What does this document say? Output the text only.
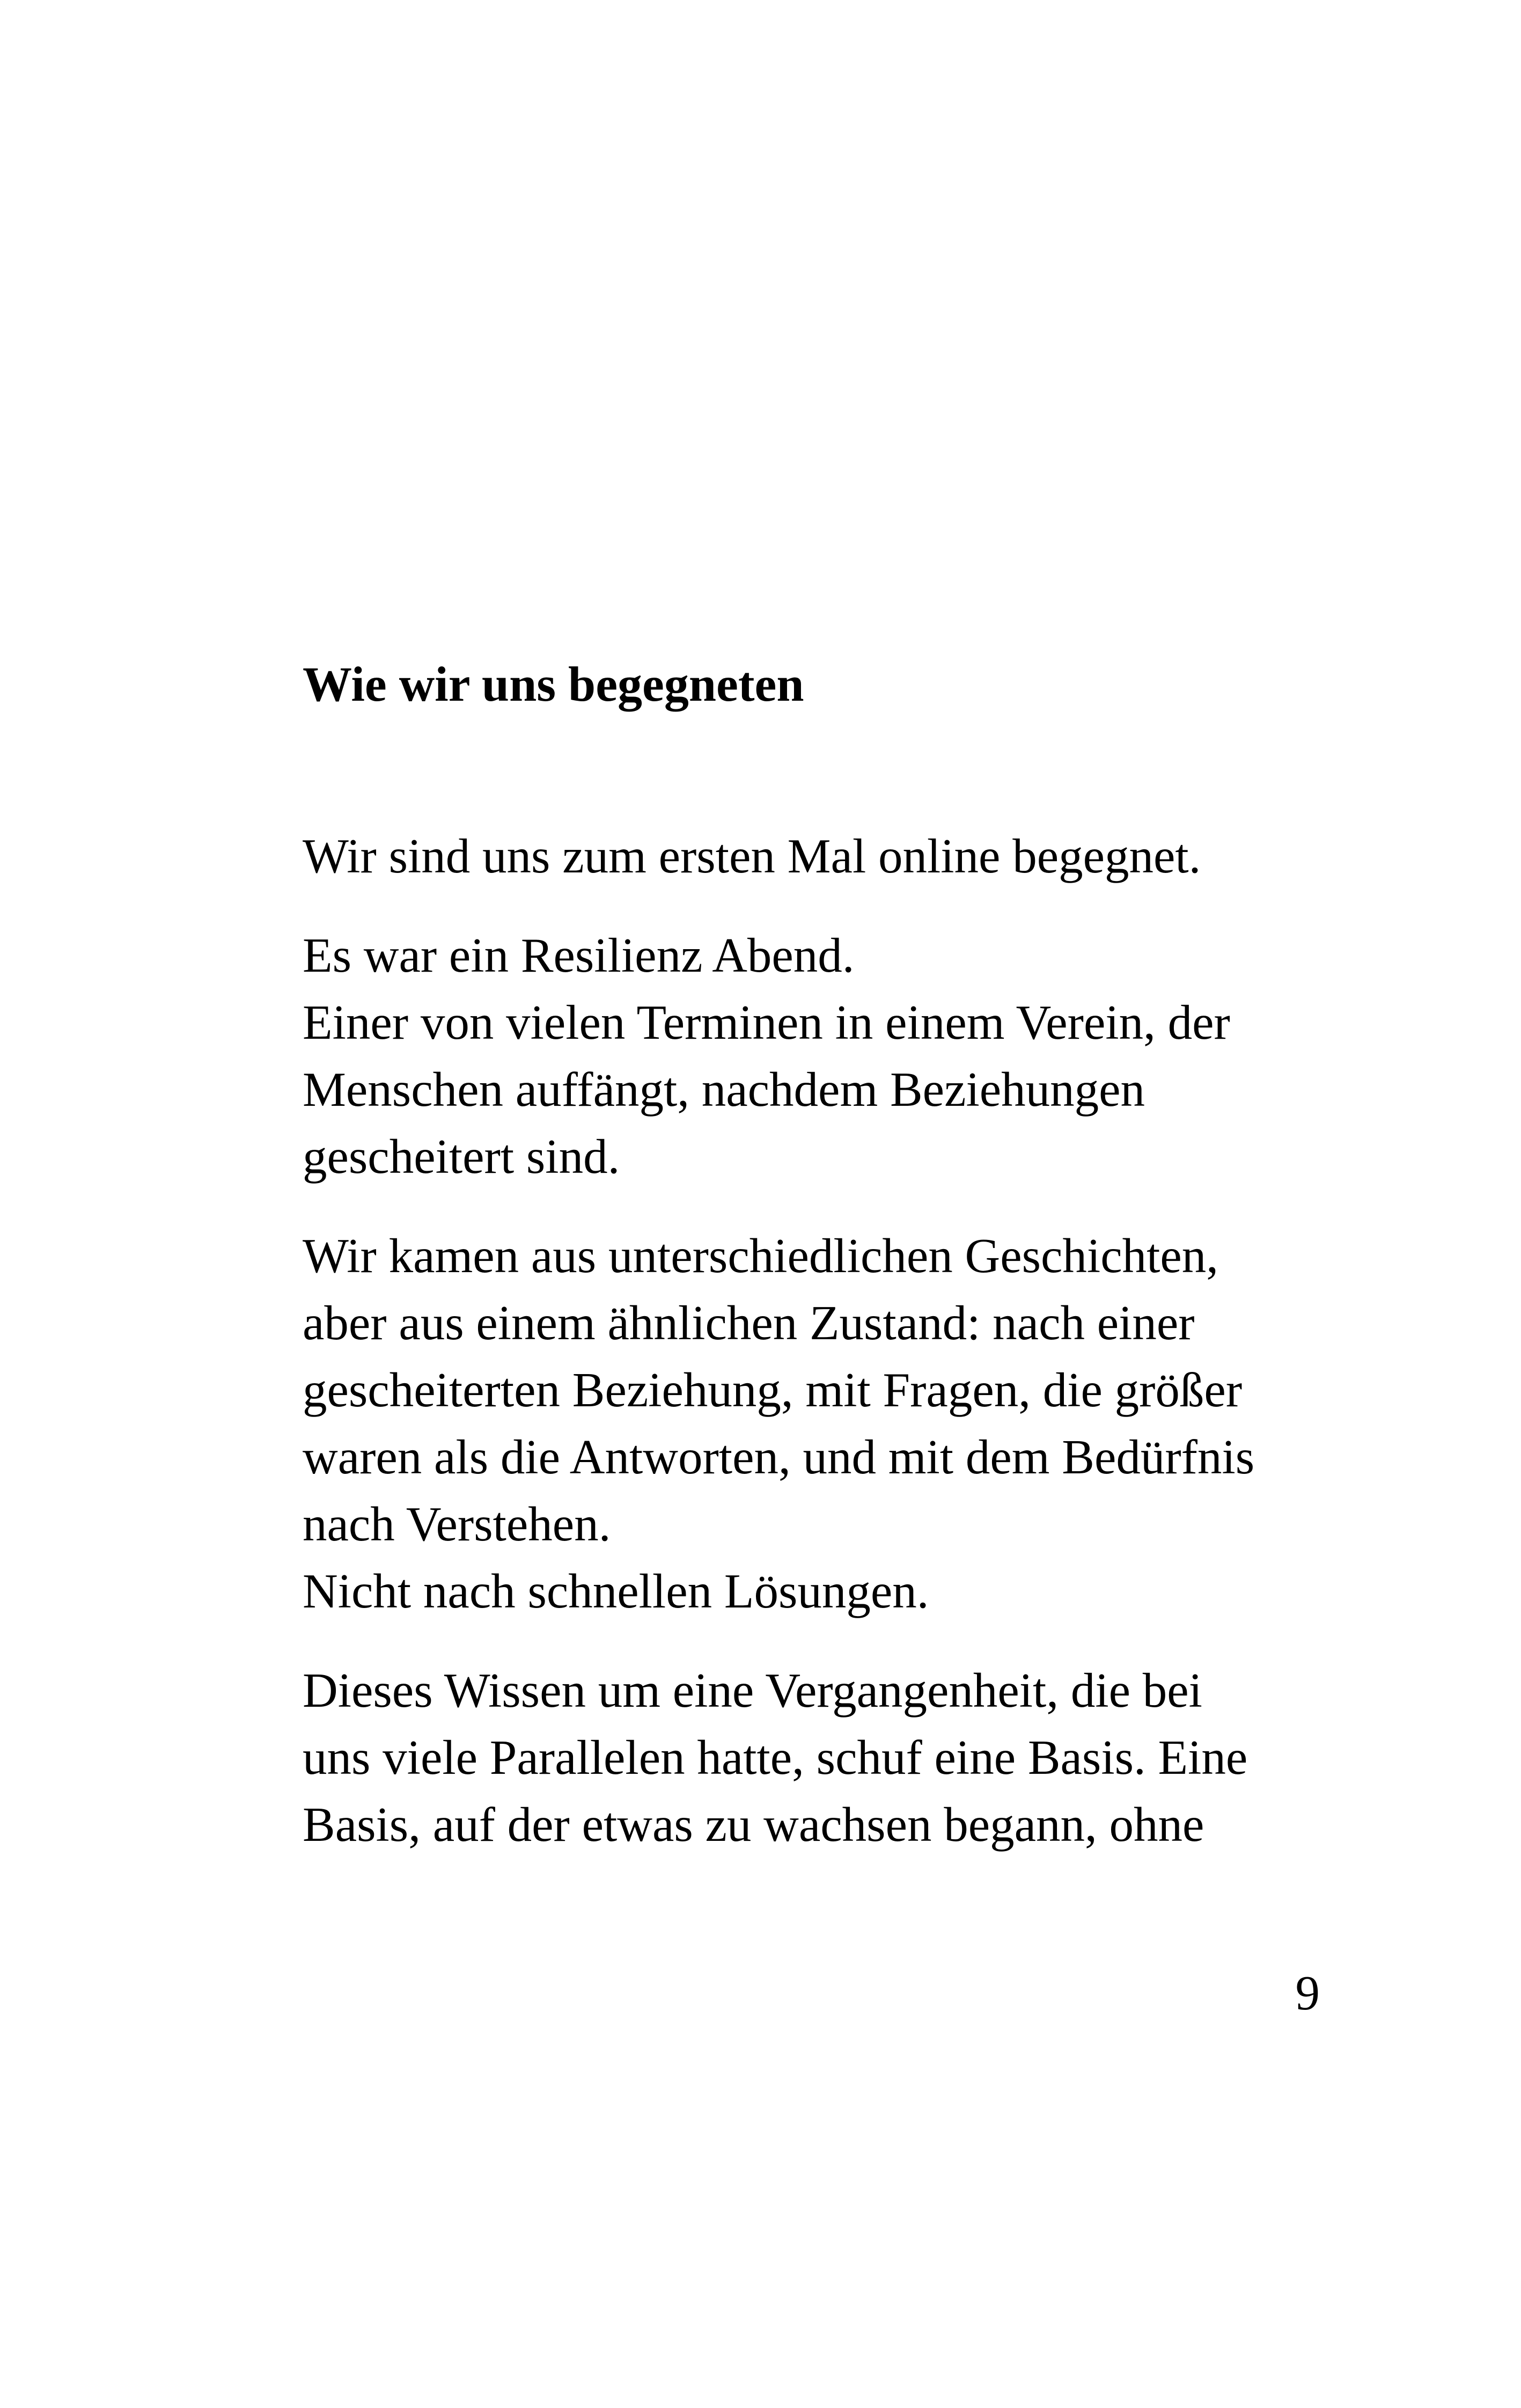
Wie wir uns begegneten

Wir sind uns zum ersten Mal online begegnet.

Es war ein Resilienz Abend.
Einer von vielen Terminen in einem Verein, der
Menschen auffängt, nachdem Beziehungen
gescheitert sind.

Wir kamen aus unterschiedlichen Geschichten,
aber aus einem ähnlichen Zustand: nach einer
gescheiterten Beziehung, mit Fragen, die größer
waren als die Antworten, und mit dem Bedürfnis
nach Verstehen.
Nicht nach schnellen Lösungen.

Dieses Wissen um eine Vergangenheit, die bei
uns viele Parallelen hatte, schuf eine Basis. Eine
Basis, auf der etwas zu wachsen begann, ohne

9
